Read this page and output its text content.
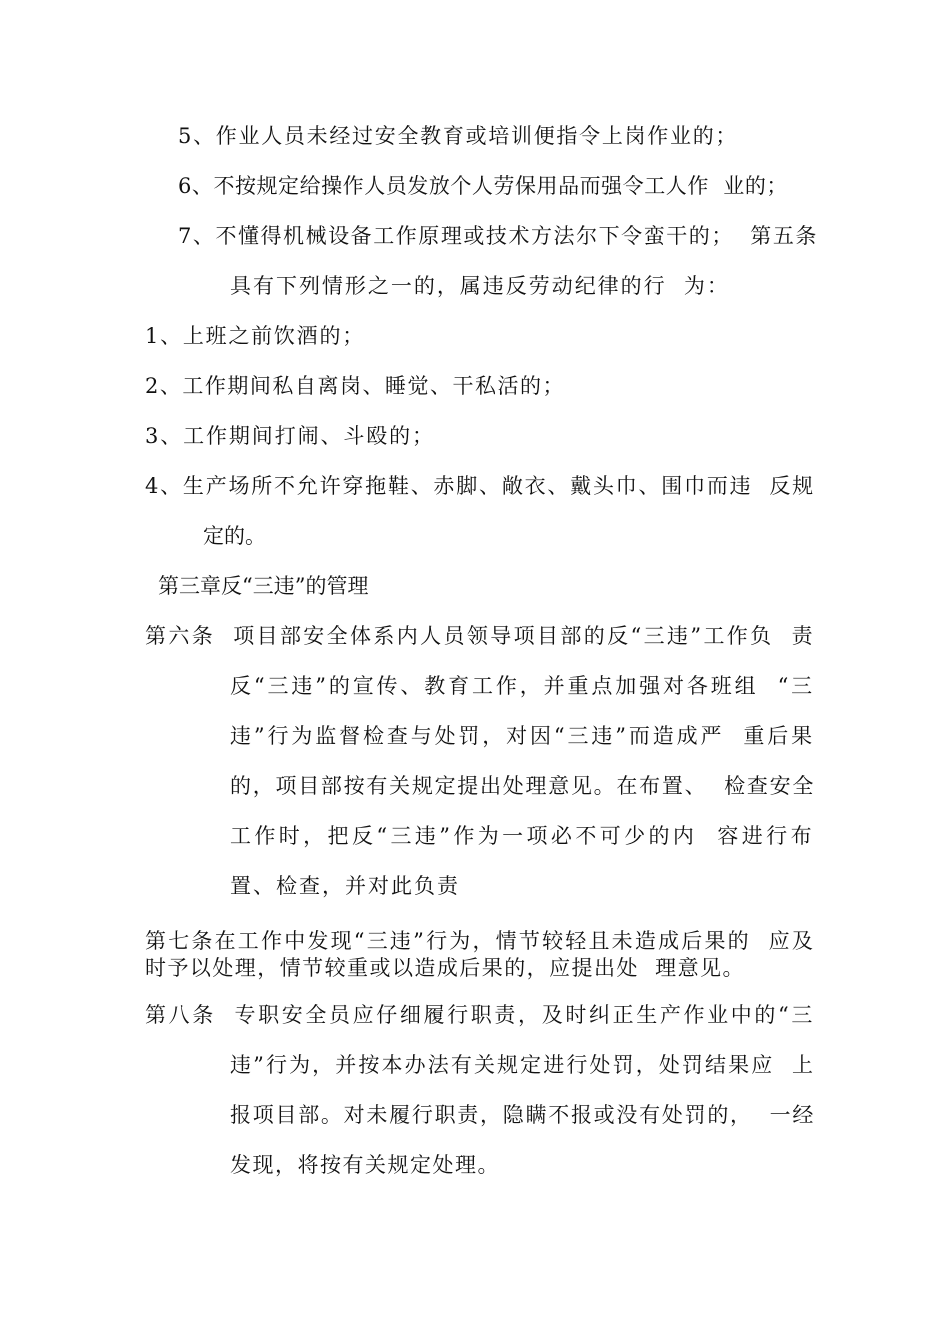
5、作业人员未经过安全教育或培训便指令上岗作业的；
6、不按规定给操作人员发放个人劳保用品而强令工人作  业的；
7、不懂得机械设备工作原理或技术方法尔下令蛮干的；  第五条
具有下列情形之一的，属违反劳动纪律的行  为：
1、上班之前饮酒的；
2、工作期间私自离岗、睡觉、干私活的；
3、工作期间打闹、斗殴的；
4、生产场所不允许穿拖鞋、赤脚、敞衣、戴头巾、围巾而违  反规
定的。
第三章反“三违”的管理
第六条  项目部安全体系内人员领导项目部的反“三违”工作负  责
反“三违”的宣传、教育工作，并重点加强对各班组  “三
违”行为监督检查与处罚，对因“三违”而造成严  重后果
的，项目部按有关规定提出处理意见。在布置、  检查安全
工作时，把反“三违”作为一项必不可少的内  容进行布
置、检查，并对此负责
第七条在工作中发现“三违”行为，情节较轻且未造成后果的  应及
时予以处理，情节较重或以造成后果的，应提出处  理意见。
第八条  专职安全员应仔细履行职责，及时纠正生产作业中的“三
违”行为，并按本办法有关规定进行处罚，处罚结果应  上
报项目部。对未履行职责，隐瞒不报或没有处罚的，  一经
发现，将按有关规定处理。
